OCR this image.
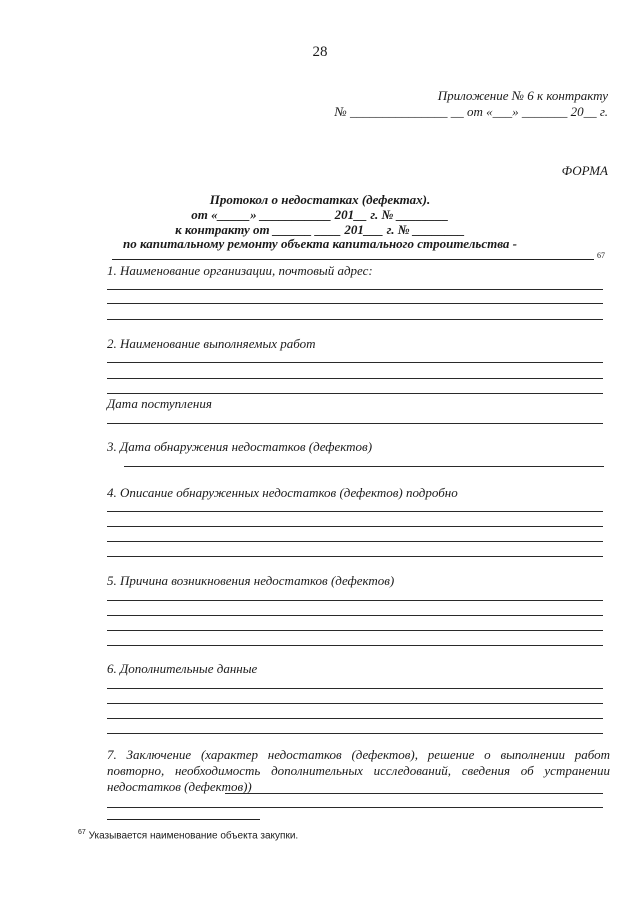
28
Приложение № 6 к контракту
№ _______________ __ от «___» _______ 20__ г.
ФОРМА
Протокол о недостатках (дефектах).
от «_____» ___________ 201__ г. № ________
к контракту от ______ ____ 201___ г. № ________
по капитальному ремонту объекта капитального строительства -
67
1. Наименование организации, почтовый адрес:
2. Наименование выполняемых работ
Дата поступления
3. Дата обнаружения недостатков (дефектов)
4. Описание обнаруженных недостатков (дефектов) подробно
5. Причина возникновения недостатков (дефектов)
6. Дополнительные данные
7. Заключение (характер недостатков (дефектов), решение о выполнении работ повторно, необходимость дополнительных исследований, сведения об устранении недостатков (дефектов))
$^{67}$ Указывается наименование объекта закупки.
